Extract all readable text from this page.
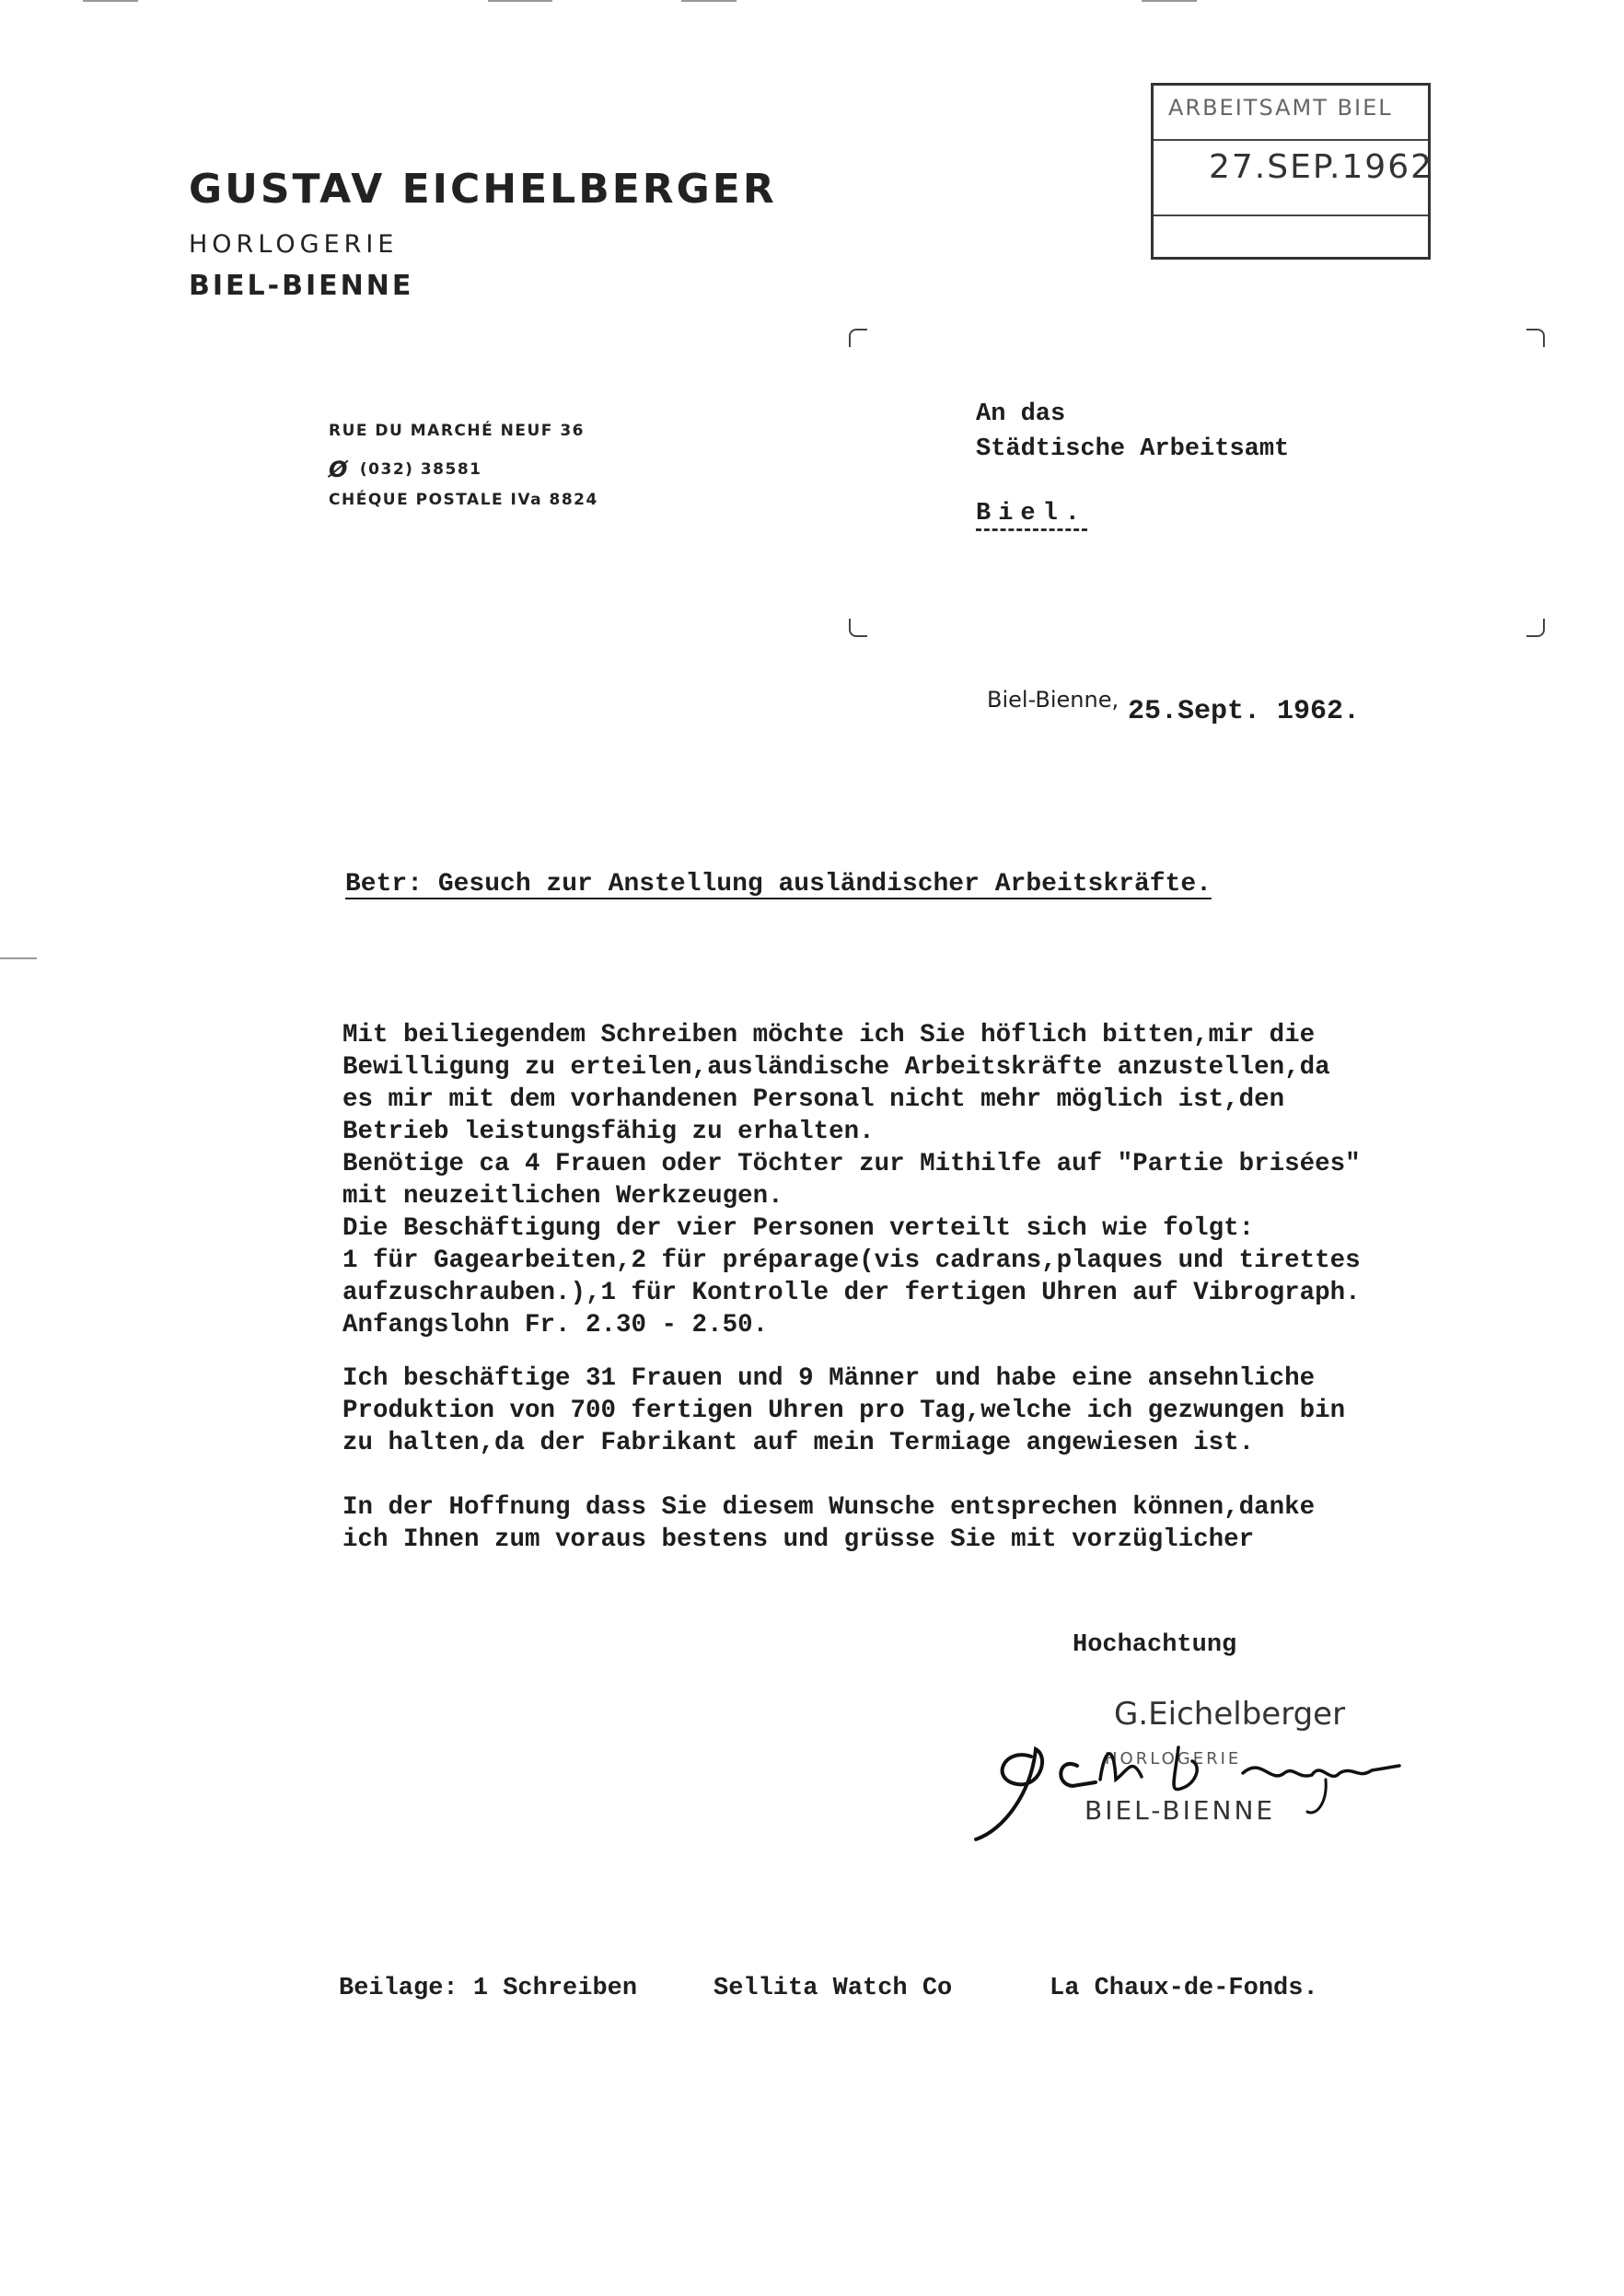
GUSTAV EICHELBERGER
HORLOGERIE
BIEL-BIENNE
RUE DU MARCHÉ NEUF 36
Ø (032) 38581
CHÉQUE POSTALE IVa 8824
ARBEITSAMT BIEL
27.SEP.1962
An das
Städtische Arbeitsamt
Biel.
Biel-Bienne, 25.Sept. 1962.
Betr: Gesuch zur Anstellung ausländischer Arbeitskräfte.
Mit beiliegendem Schreiben möchte ich Sie höflich bitten,mir die
Bewilligung zu erteilen,ausländische Arbeitskräfte anzustellen,da
es mir mit dem vorhandenen Personal nicht mehr möglich ist,den
Betrieb leistungsfähig zu erhalten.
Benötige ca 4 Frauen oder Töchter zur Mithilfe auf "Partie brisées"
mit neuzeitlichen Werkzeugen.
Die Beschäftigung der vier Personen verteilt sich wie folgt:
1 für Gagearbeiten,2 für préparage(vis cadrans,plaques und tirettes
aufzuschrauben.),1 für Kontrolle der fertigen Uhren auf Vibrograph.
Anfangslohn Fr. 2.30 - 2.50.
Ich beschäftige 31 Frauen und 9 Männer und habe eine ansehnliche
Produktion von 700 fertigen Uhren pro Tag,welche ich gezwungen bin
zu halten,da der Fabrikant auf mein Termiage angewiesen ist.
In der Hoffnung dass Sie diesem Wunsche entsprechen können,danke
ich Ihnen zum voraus bestens und grüsse Sie mit vorzüglicher
Hochachtung
G.Eichelberger
HORLOGERIE
BIEL-BIENNE
Beilage: 1 Schreiben	Sellita Watch Co	La Chaux-de-Fonds.
